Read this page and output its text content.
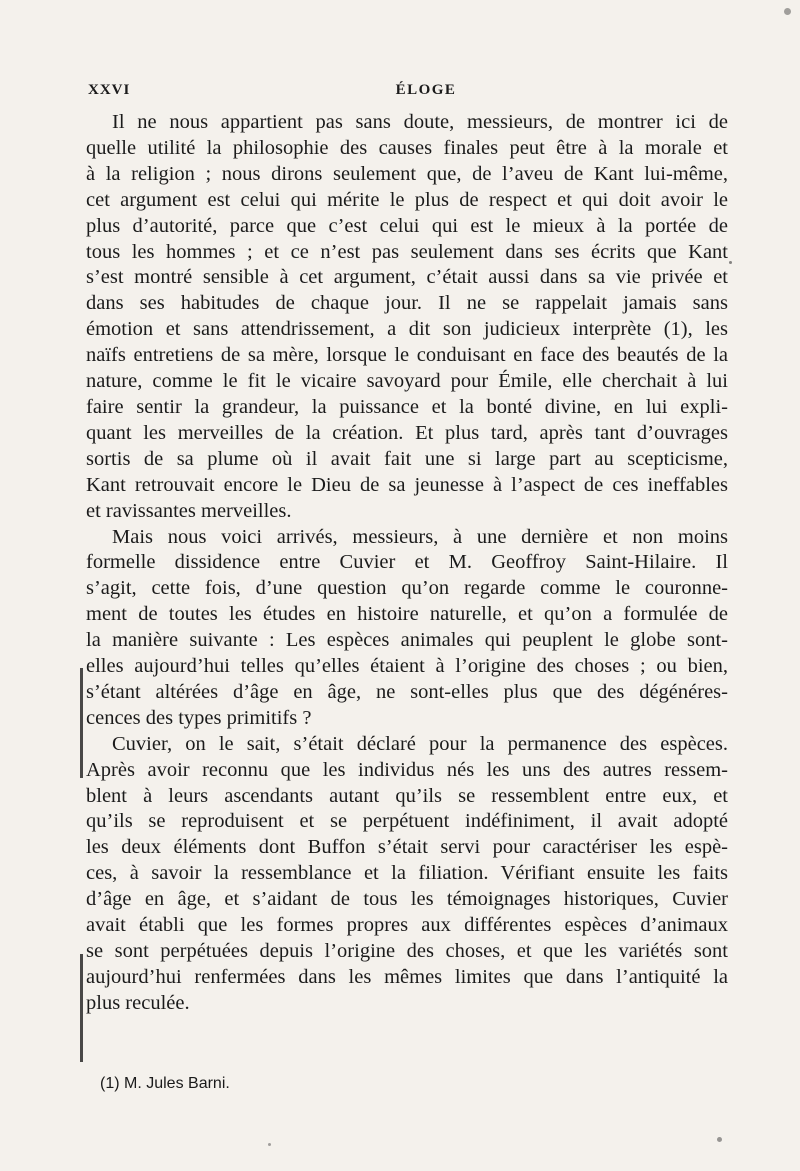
XXVI	ÉLOGE
Il ne nous appartient pas sans doute, messieurs, de montrer ici de
quelle utilité la philosophie des causes finales peut être à la morale et
à la religion ; nous dirons seulement que, de l’aveu de Kant lui-même,
cet argument est celui qui mérite le plus de respect et qui doit avoir le
plus d’autorité, parce que c’est celui qui est le mieux à la portée de
tous les hommes ; et ce n’est pas seulement dans ses écrits que Kant
s’est montré sensible à cet argument, c’était aussi dans sa vie privée et
dans ses habitudes de chaque jour. Il ne se rappelait jamais sans
émotion et sans attendrissement, a dit son judicieux interprète (1), les
naïfs entretiens de sa mère, lorsque le conduisant en face des beautés de la
nature, comme le fit le vicaire savoyard pour Émile, elle cherchait à lui
faire sentir la grandeur, la puissance et la bonté divine, en lui expli-
quant les merveilles de la création. Et plus tard, après tant d’ouvrages
sortis de sa plume où il avait fait une si large part au scepticisme,
Kant retrouvait encore le Dieu de sa jeunesse à l’aspect de ces ineffables
et ravissantes merveilles.
Mais nous voici arrivés, messieurs, à une dernière et non moins
formelle dissidence entre Cuvier et M. Geoffroy Saint-Hilaire. Il
s’agit, cette fois, d’une question qu’on regarde comme le couronne-
ment de toutes les études en histoire naturelle, et qu’on a formulée de
la manière suivante : Les espèces animales qui peuplent le globe sont-
elles aujourd’hui telles qu’elles étaient à l’origine des choses ; ou bien,
s’étant altérées d’âge en âge, ne sont-elles plus que des dégénéres-
cences des types primitifs ?
Cuvier, on le sait, s’était déclaré pour la permanence des espèces.
Après avoir reconnu que les individus nés les uns des autres ressem-
blent à leurs ascendants autant qu’ils se ressemblent entre eux, et
qu’ils se reproduisent et se perpétuent indéfiniment, il avait adopté
les deux éléments dont Buffon s’était servi pour caractériser les espè-
ces, à savoir la ressemblance et la filiation. Vérifiant ensuite les faits
d’âge en âge, et s’aidant de tous les témoignages historiques, Cuvier
avait établi que les formes propres aux différentes espèces d’animaux
se sont perpétuées depuis l’origine des choses, et que les variétés sont
aujourd’hui renfermées dans les mêmes limites que dans l’antiquité la
plus reculée.
(1) M. Jules Barni.
